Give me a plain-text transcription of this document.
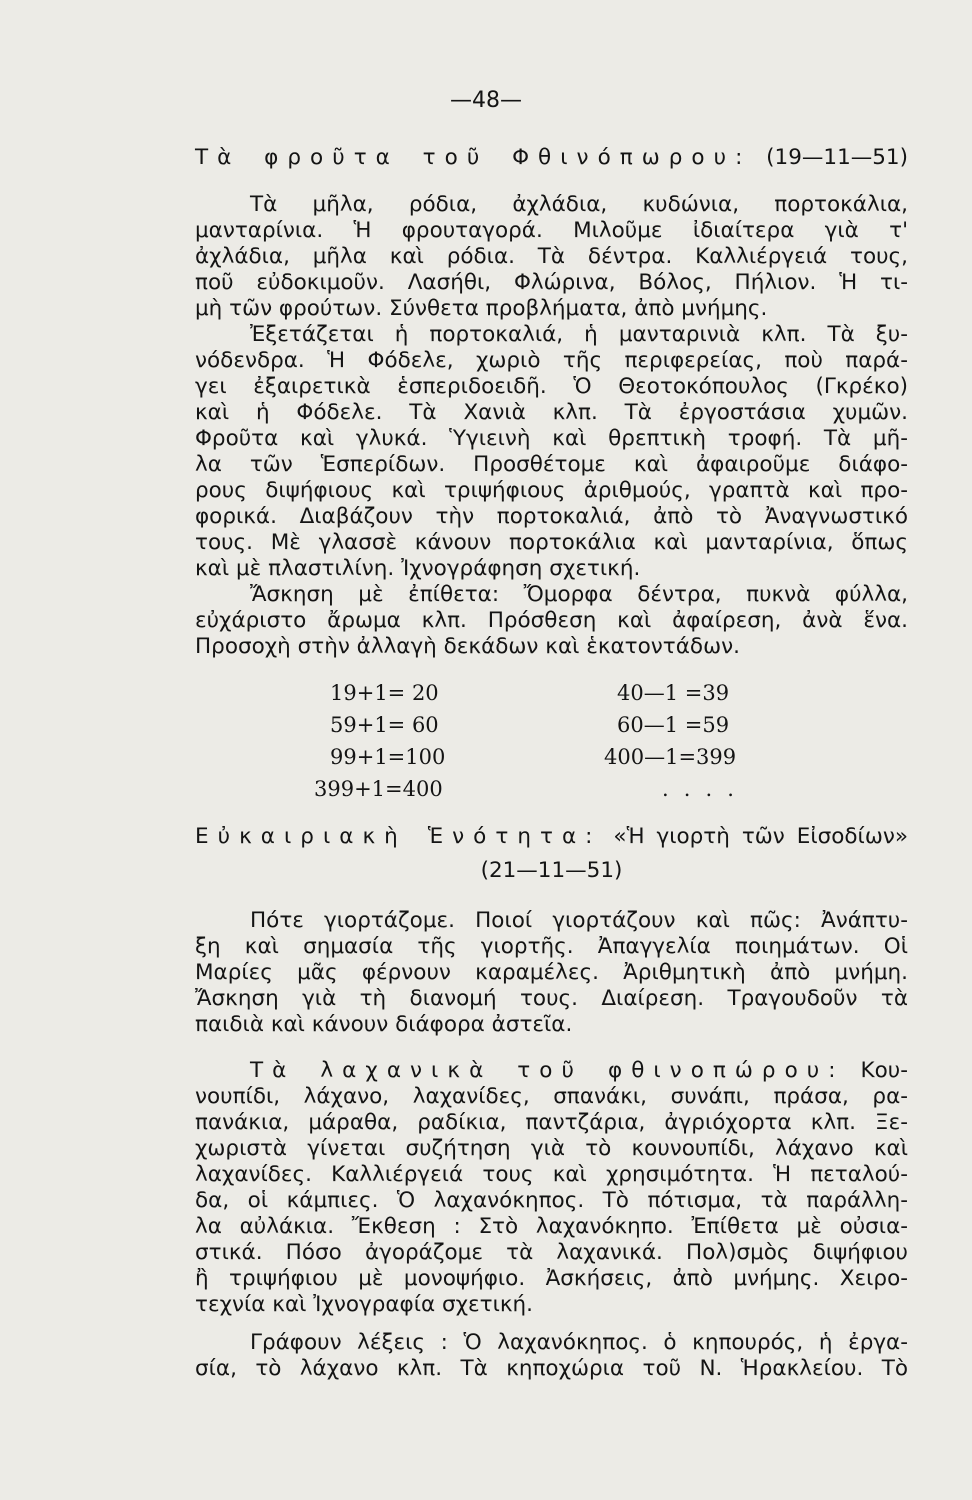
—48—
Τὰ φροῦτα τοῦ Φθινόπωρου: (19—11—51)
Τὰ μῆλα, ρόδια, ἀχλάδια, κυδώνια, πορτοκάλια,
μανταρίνια. Ἡ φρουταγορά. Μιλοῦμε ἰδιαίτερα γιὰ τ'
ἀχλάδια, μῆλα καὶ ρόδια. Τὰ δέντρα. Καλλιέργειά τους,
ποῦ εὐδοκιμοῦν. Λασήθι, Φλώρινα, Βόλος, Πήλιον. Ἡ τι-
μὴ τῶν φρούτων. Σύνθετα προβλήματα, ἀπὸ μνήμης.
Ἐξετάζεται ἡ πορτοκαλιά, ἡ μανταρινιὰ κλπ. Τὰ ξυ-
νόδενδρα. Ἡ Φόδελε, χωριὸ τῆς περιφερείας, ποὺ παρά-
γει ἐξαιρετικὰ ἑσπεριδοειδῆ. Ὁ Θεοτοκόπουλος (Γκρέκο)
καὶ ἡ Φόδελε. Τὰ Χανιὰ κλπ. Τὰ ἐργοστάσια χυμῶν.
Φροῦτα καὶ γλυκά. Ὑγιεινὴ καὶ θρεπτικὴ τροφή. Τὰ μῆ-
λα τῶν Ἑσπερίδων. Προσθέτομε καὶ ἀφαιροῦμε διάφο-
ρους διψήφιους καὶ τριψήφιους ἀριθμούς, γραπτὰ καὶ προ-
φορικά. Διαβάζουν τὴν πορτοκαλιά, ἀπὸ τὸ Ἀναγνωστικό
τους. Μὲ γλασσὲ κάνουν πορτοκάλια καὶ μανταρίνια, ὅπως
καὶ μὲ πλαστιλίνη. Ἰχνογράφηση σχετική.
Ἄσκηση μὲ ἐπίθετα: Ὄμορφα δέντρα, πυκνὰ φύλλα,
εὐχάριστο ἄρωμα κλπ. Πρόσθεση καὶ ἀφαίρεση, ἀνὰ ἕνα.
Προσοχὴ στὴν ἀλλαγὴ δεκάδων καὶ ἑκατοντάδων.
19+1= 20
59+1= 60
99+1=100
399+1=400
40—1 =39
60—1 =59
400—1=399
. . . .
Εὐκαιριακὴ Ἑνότητα: «Ἡ γιορτὴ τῶν Εἰσοδίων»
(21—11—51)
Πότε γιορτάζομε. Ποιοί γιορτάζουν καὶ πῶς: Ἀνάπτυ-
ξη καὶ σημασία τῆς γιορτῆς. Ἀπαγγελία ποιημάτων. Οἱ
Μαρίες μᾶς φέρνουν καραμέλες. Ἀριθμητικὴ ἀπὸ μνήμη.
Ἄσκηση γιὰ τὴ διανομή τους. Διαίρεση. Τραγουδοῦν τὰ
παιδιὰ καὶ κάνουν διάφορα ἀστεῖα.
Τὰ λαχανικὰ τοῦ φθινοπώρου: Κου-
νουπίδι, λάχανο, λαχανίδες, σπανάκι, συνάπι, πράσα, ρα-
πανάκια, μάραθα, ραδίκια, παντζάρια, ἀγριόχορτα κλπ. Ξε-
χωριστὰ γίνεται συζήτηση γιὰ τὸ κουνουπίδι, λάχανο καὶ
λαχανίδες. Καλλιέργειά τους καὶ χρησιμότητα. Ἡ πεταλού-
δα, οἱ κάμπιες. Ὁ λαχανόκηπος. Τὸ πότισμα, τὰ παράλλη-
λα αὐλάκια. Ἔκθεση : Στὸ λαχανόκηπο. Ἐπίθετα μὲ οὐσια-
στικά. Πόσο ἀγοράζομε τὰ λαχανικά. Πολ)σμὸς διψήφιου
ἢ τριψήφιου μὲ μονοψήφιο. Ἀσκήσεις, ἀπὸ μνήμης. Χειρο-
τεχνία καὶ Ἰχνογραφία σχετική.
Γράφουν λέξεις : Ὁ λαχανόκηπος. ὁ κηπουρός, ἡ ἐργα-
σία, τὸ λάχανο κλπ. Τὰ κηποχώρια τοῦ Ν. Ἡρακλείου. Τὸ
